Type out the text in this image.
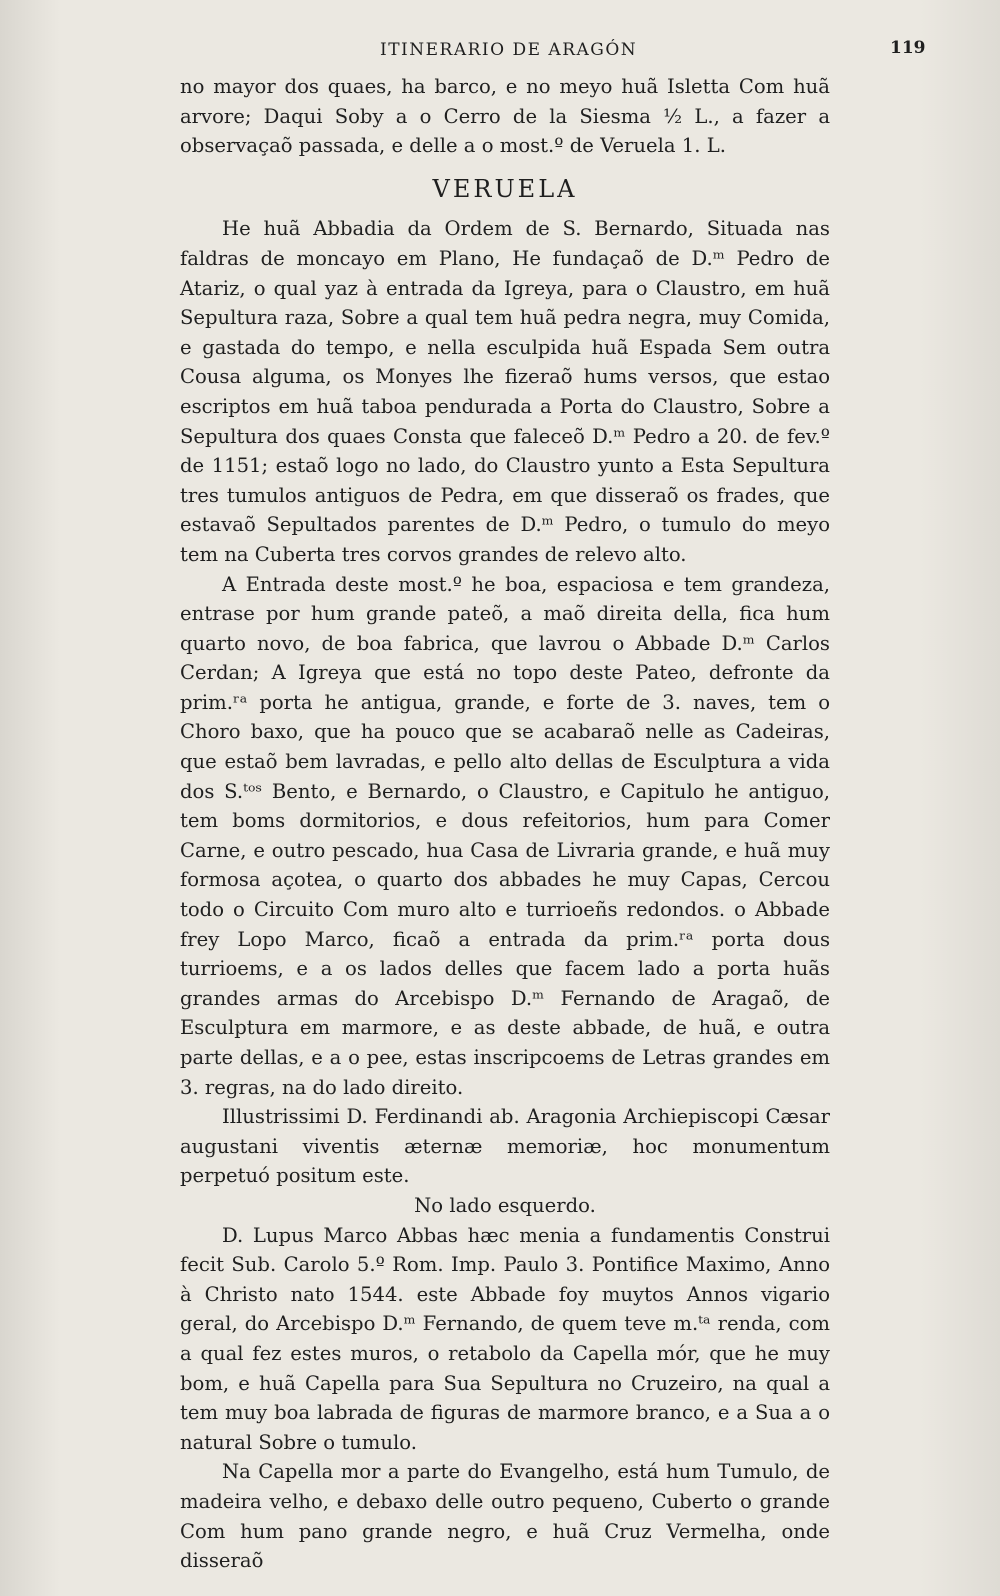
ITINERARIO DE ARAGÓN	119

no mayor dos quaes, ha barco, e no meyo huã Isletta Com huã arvore; Daqui Soby a o Cerro de la Siesma ½ L., a fazer a observaçaõ passada, e delle a o most.º de Veruela 1. L.

VERUELA

He huã Abbadia da Ordem de S. Bernardo, Situada nas faldras de moncayo em Plano, He fundaçaõ de D.ᵐ Pedro de Atariz, o qual yaz à entrada da Igreya, para o Claustro, em huã Sepultura raza, Sobre a qual tem huã pedra negra, muy Comida, e gastada do tempo, e nella esculpida huã Espada Sem outra Cousa alguma, os Monyes lhe fizeraõ hums versos, que estao escriptos em huã taboa pendurada a Porta do Claustro, Sobre a Sepultura dos quaes Consta que faleceõ D.ᵐ Pedro a 20. de fev.º de 1151; estaõ logo no lado, do Claustro yunto a Esta Sepultura tres tumulos antiguos de Pedra, em que disseraõ os frades, que estavaõ Sepultados parentes de D.ᵐ Pedro, o tumulo do meyo tem na Cuberta tres corvos grandes de relevo alto.

A Entrada deste most.º he boa, espaciosa e tem grandeza, entrase por hum grande pateõ, a maõ direita della, fica hum quarto novo, de boa fabrica, que lavrou o Abbade D.ᵐ Carlos Cerdan; A Igreya que está no topo deste Pateo, defronte da prim.ʳᵃ porta he antigua, grande, e forte de 3. naves, tem o Choro baxo, que ha pouco que se acabaraõ nelle as Cadeiras, que estaõ bem lavradas, e pello alto dellas de Esculptura a vida dos S.ᵗᵒˢ Bento, e Bernardo, o Claustro, e Capitulo he antiguo, tem boms dormitorios, e dous refeitorios, hum para Comer Carne, e outro pescado, hua Casa de Livraria grande, e huã muy formosa açotea, o quarto dos abbades he muy Capas, Cercou todo o Circuito Com muro alto e turrioeñs redondos. o Abbade frey Lopo Marco, ficaõ a entrada da prim.ʳᵃ porta dous turrioems, e a os lados delles que facem lado a porta huãs grandes armas do Arcebispo D.ᵐ Fernando de Aragaõ, de Esculptura em marmore, e as deste abbade, de huã, e outra parte dellas, e a o pee, estas inscripcoems de Letras grandes em 3. regras, na do lado direito.

Illustrissimi D. Ferdinandi ab. Aragonia Archiepiscopi Cæsar augustani viventis æternæ memoriæ, hoc monumentum perpetuó positum este.

No lado esquerdo.

D. Lupus Marco Abbas hæc menia a fundamentis Construi fecit Sub. Carolo 5.º Rom. Imp. Paulo 3. Pontifice Maximo, Anno à Christo nato 1544. este Abbade foy muytos Annos vigario geral, do Arcebispo D.ᵐ Fernando, de quem teve m.ᵗᵃ renda, com a qual fez estes muros, o retabolo da Capella mór, que he muy bom, e huã Capella para Sua Sepultura no Cruzeiro, na qual a tem muy boa labrada de figuras de marmore branco, e a Sua a o natural Sobre o tumulo.

Na Capella mor a parte do Evangelho, está hum Tumulo, de madeira velho, e debaxo delle outro pequeno, Cuberto o grande Com hum pano grande negro, e huã Cruz Vermelha, onde disseraõ
